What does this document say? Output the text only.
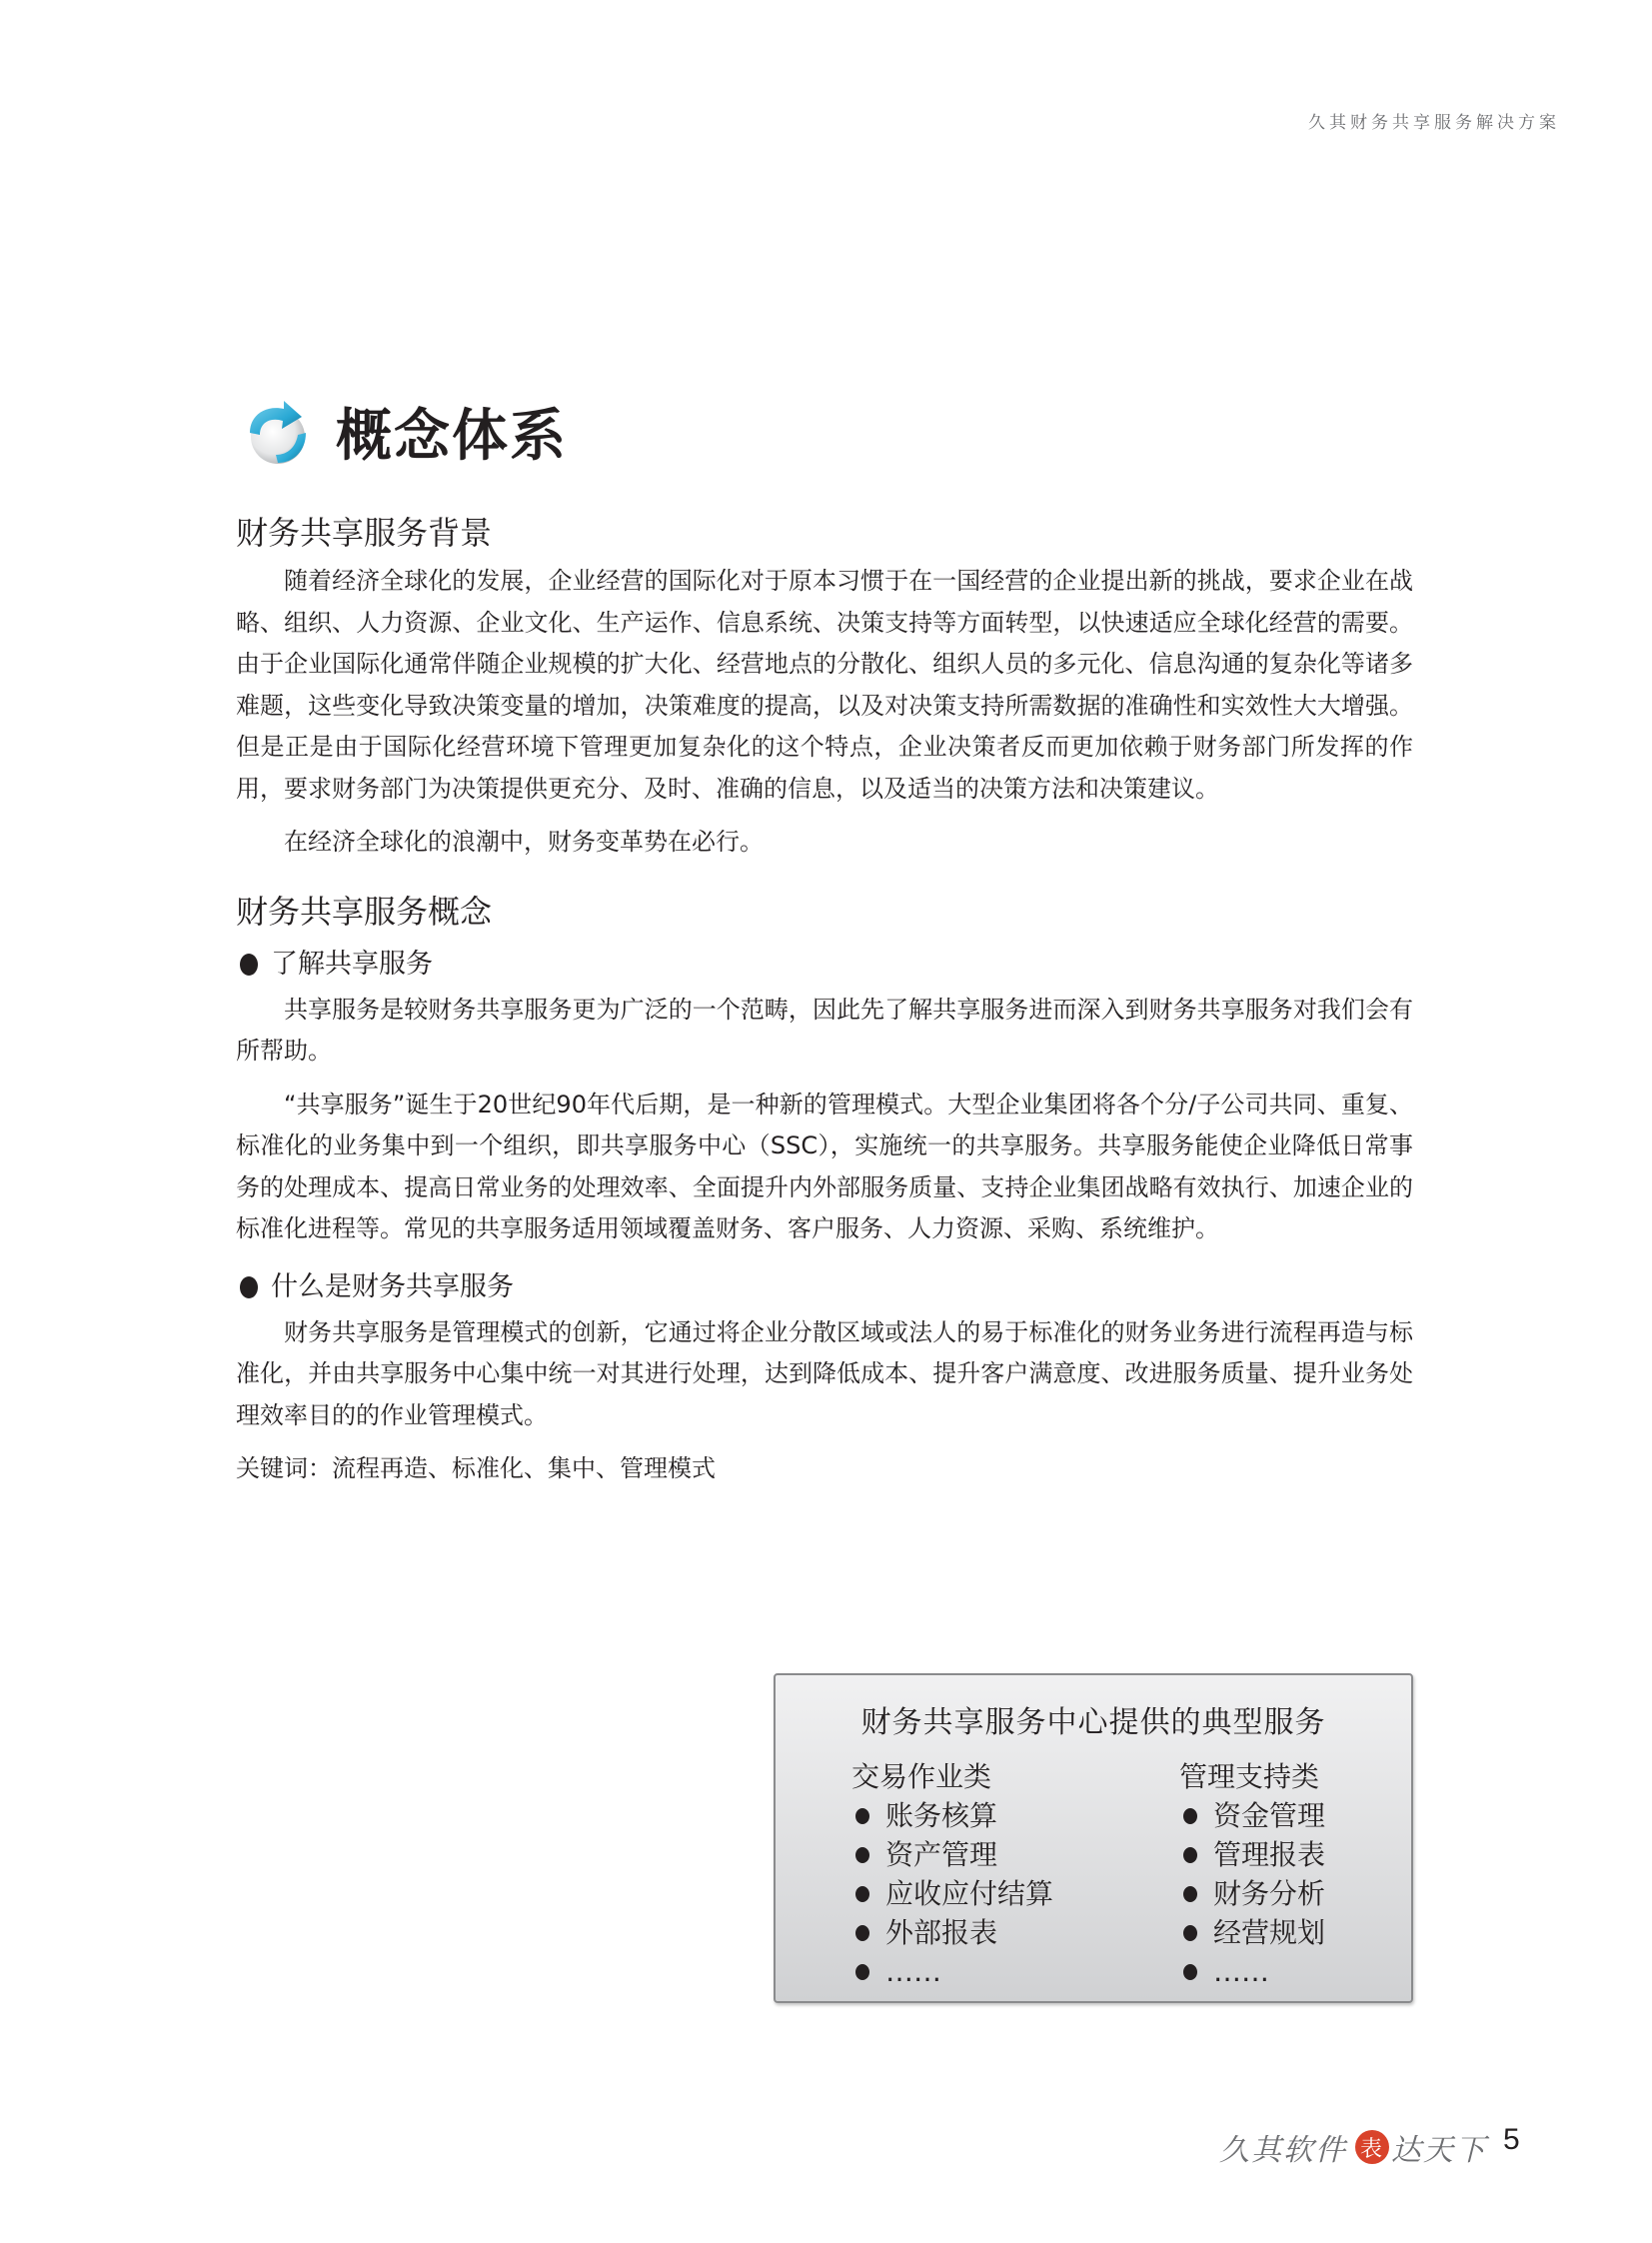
久其财务共享服务解决方案
概念体系
财务共享服务背景

随着经济全球化的发展，企业经营的国际化对于原本习惯于在一国经营的企业提出新的挑战，要求企业在战略、组织、人力资源、企业文化、生产运作、信息系统、决策支持等方面转型，以快速适应全球化经营的需要。由于企业国际化通常伴随企业规模的扩大化、经营地点的分散化、组织人员的多元化、信息沟通的复杂化等诸多难题，这些变化导致决策变量的增加，决策难度的提高，以及对决策支持所需数据的准确性和实效性大大增强。但是正是由于国际化经营环境下管理更加复杂化的这个特点，企业决策者反而更加依赖于财务部门所发挥的作用，要求财务部门为决策提供更充分、及时、准确的信息，以及适当的决策方法和决策建议。

在经济全球化的浪潮中，财务变革势在必行。

财务共享服务概念
了解共享服务

共享服务是较财务共享服务更为广泛的一个范畴，因此先了解共享服务进而深入到财务共享服务对我们会有所帮助。

“共享服务”诞生于20世纪90年代后期，是一种新的管理模式。大型企业集团将各个分/子公司共同、重复、标准化的业务集中到一个组织，即共享服务中心（SSC），实施统一的共享服务。共享服务能使企业降低日常事务的处理成本、提高日常业务的处理效率、全面提升内外部服务质量、支持企业集团战略有效执行、加速企业的标准化进程等。常见的共享服务适用领域覆盖财务、客户服务、人力资源、采购、系统维护。

什么是财务共享服务

财务共享服务是管理模式的创新，它通过将企业分散区域或法人的易于标准化的财务业务进行流程再造与标准化，并由共享服务中心集中统一对其进行处理，达到降低成本、提升客户满意度、改进服务质量、提升业务处理效率目的的作业管理模式。

关键词：流程再造、标准化、集中、管理模式

财务共享服务中心提供的典型服务
交易作业类
账务核算
资产管理
应收应付结算
外部报表
……
管理支持类
资金管理
管理报表
财务分析
经营规划
……
久其软件 表 达天下 5
